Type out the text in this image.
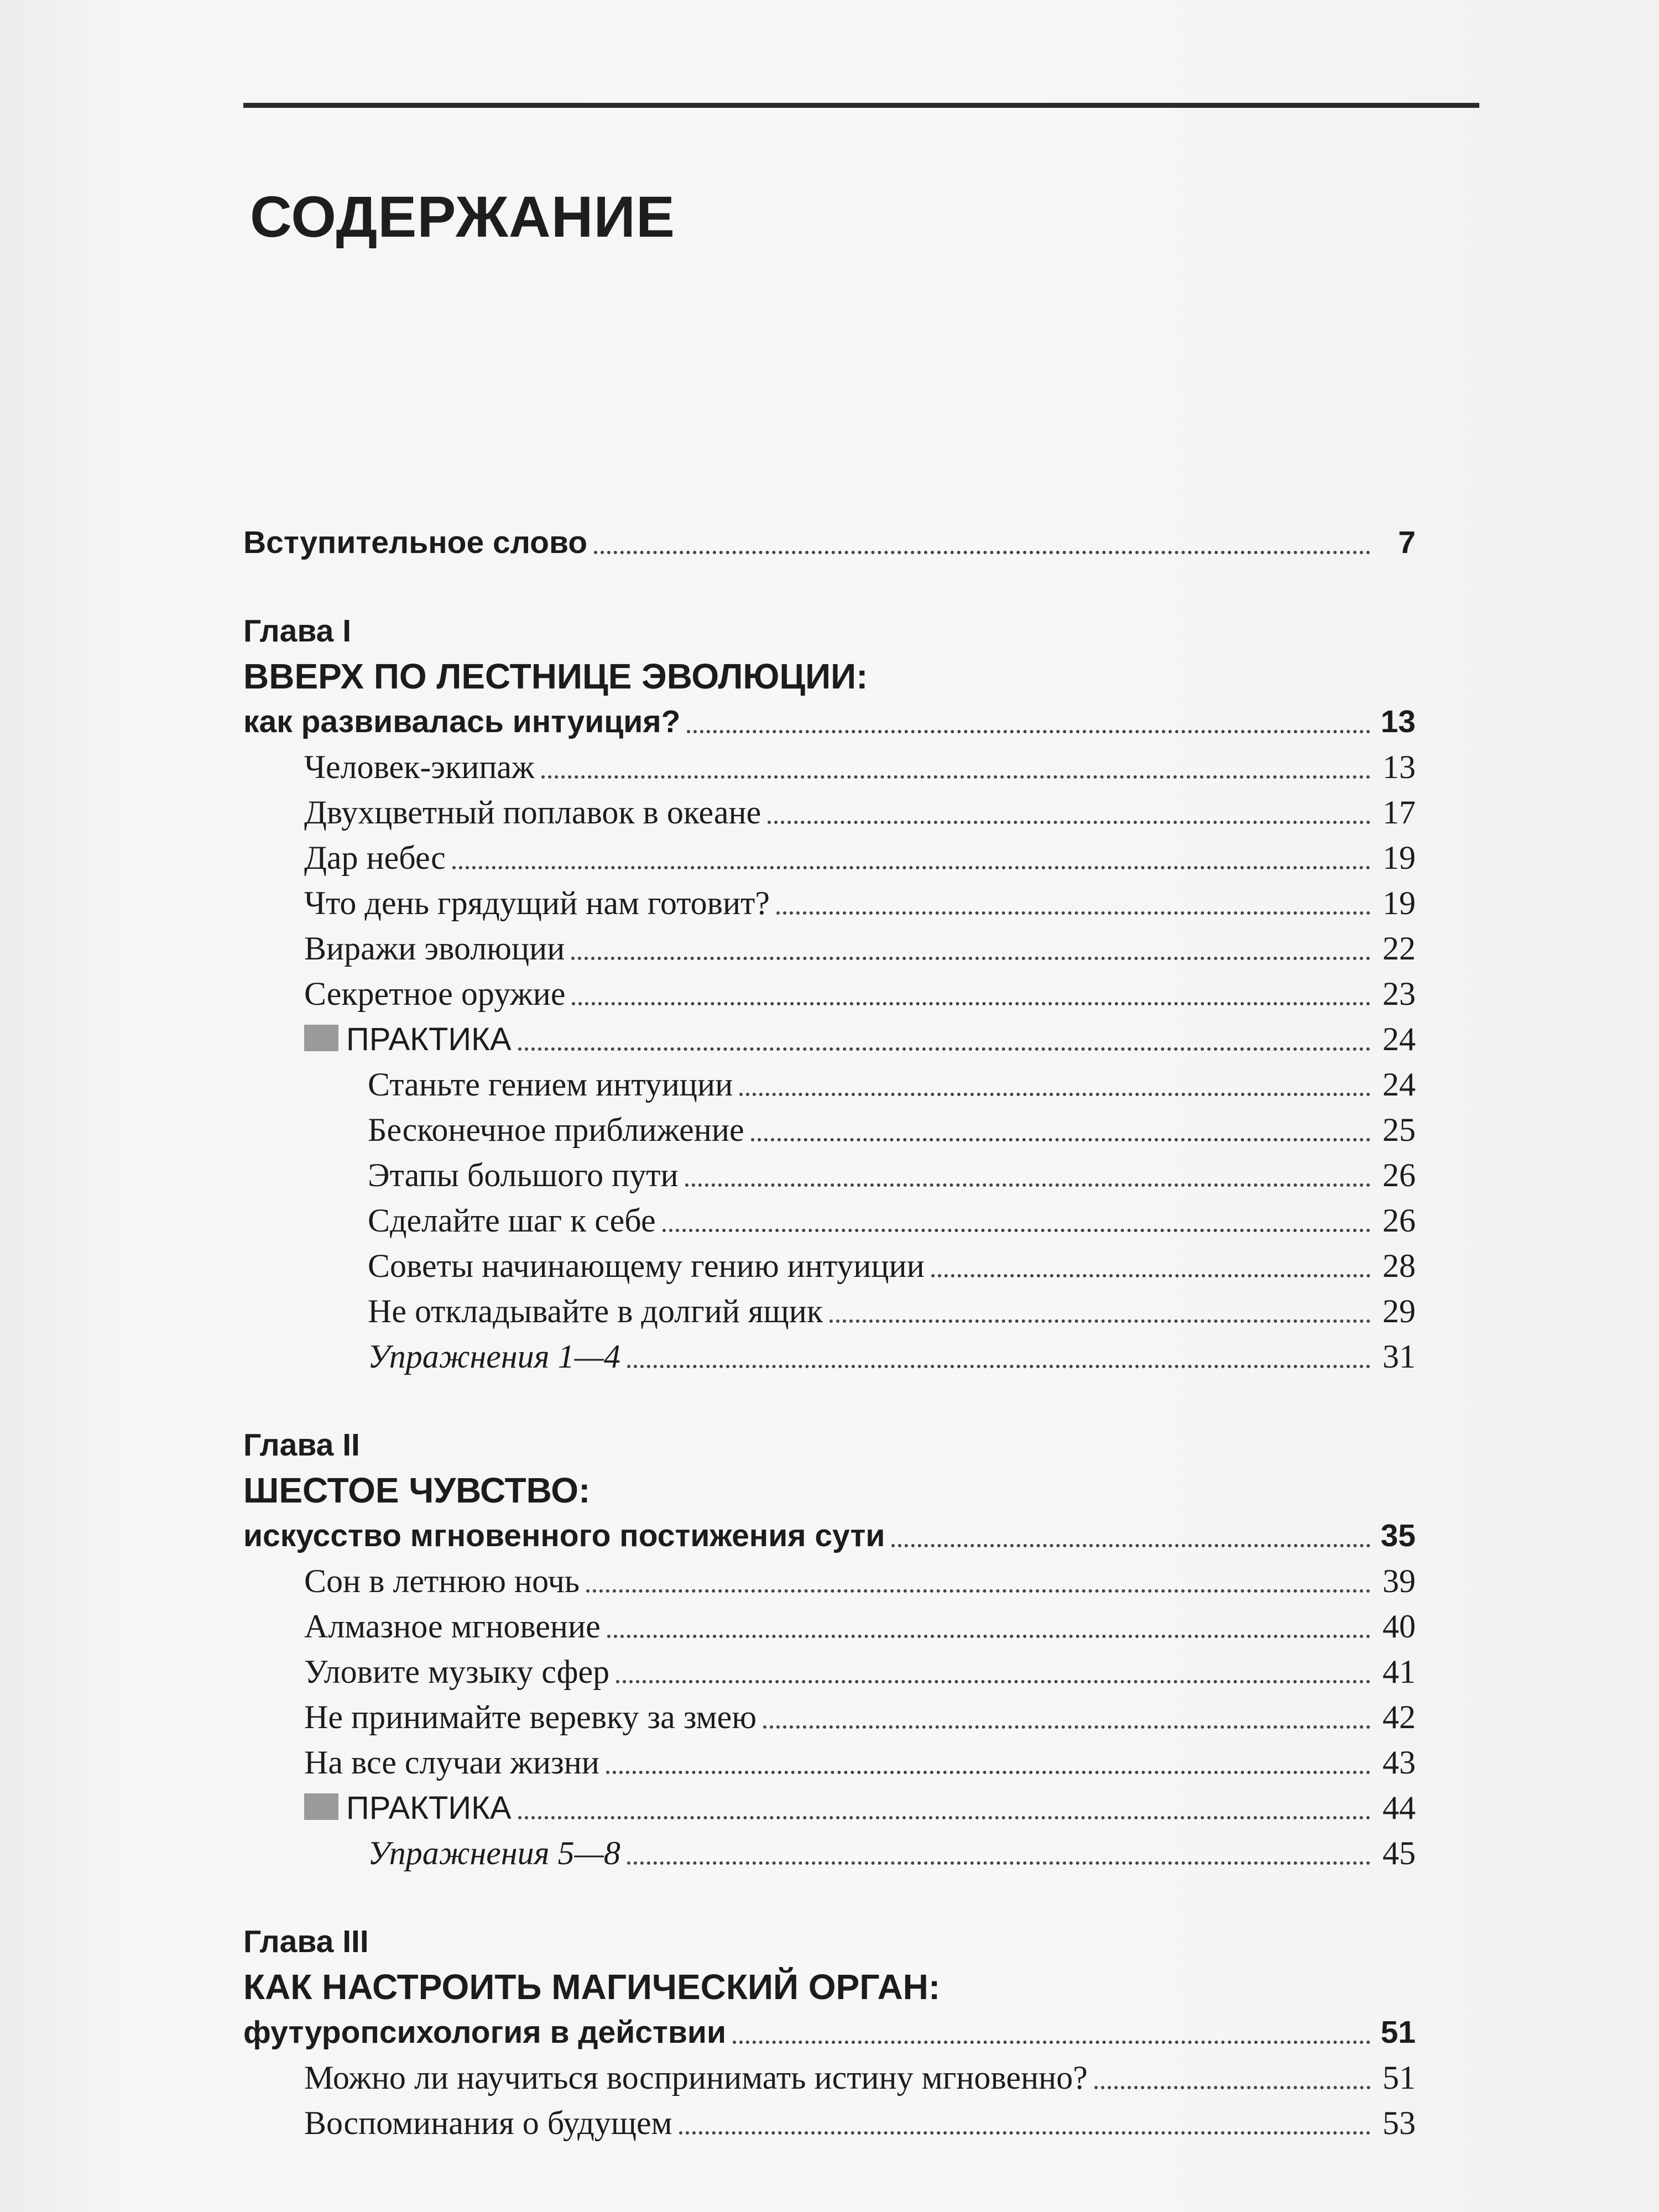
СОДЕРЖАНИЕ
Вступительное слово	7
Глава I
ВВЕРХ ПО ЛЕСТНИЦЕ ЭВОЛЮЦИИ:
как развивалась интуиция?	13
Человек-экипаж	13
Двухцветный поплавок в океане	17
Дар небес	19
Что день грядущий нам готовит?	19
Виражи эволюции	22
Секретное оружие	23
ПРАКТИКА	24
Станьте гением интуиции	24
Бесконечное приближение	25
Этапы большого пути	26
Сделайте шаг к себе	26
Советы начинающему гению интуиции	28
Не откладывайте в долгий ящик	29
Упражнения 1—4	31
Глава II
ШЕСТОЕ ЧУВСТВО:
искусство мгновенного постижения сути	35
Сон в летнюю ночь	39
Алмазное мгновение	40
Уловите музыку сфер	41
Не принимайте веревку за змею	42
На все случаи жизни	43
ПРАКТИКА	44
Упражнения 5—8	45
Глава III
КАК НАСТРОИТЬ МАГИЧЕСКИЙ ОРГАН:
футуропсихология в действии	51
Можно ли научиться воспринимать истину мгновенно?	51
Воспоминания о будущем	53
